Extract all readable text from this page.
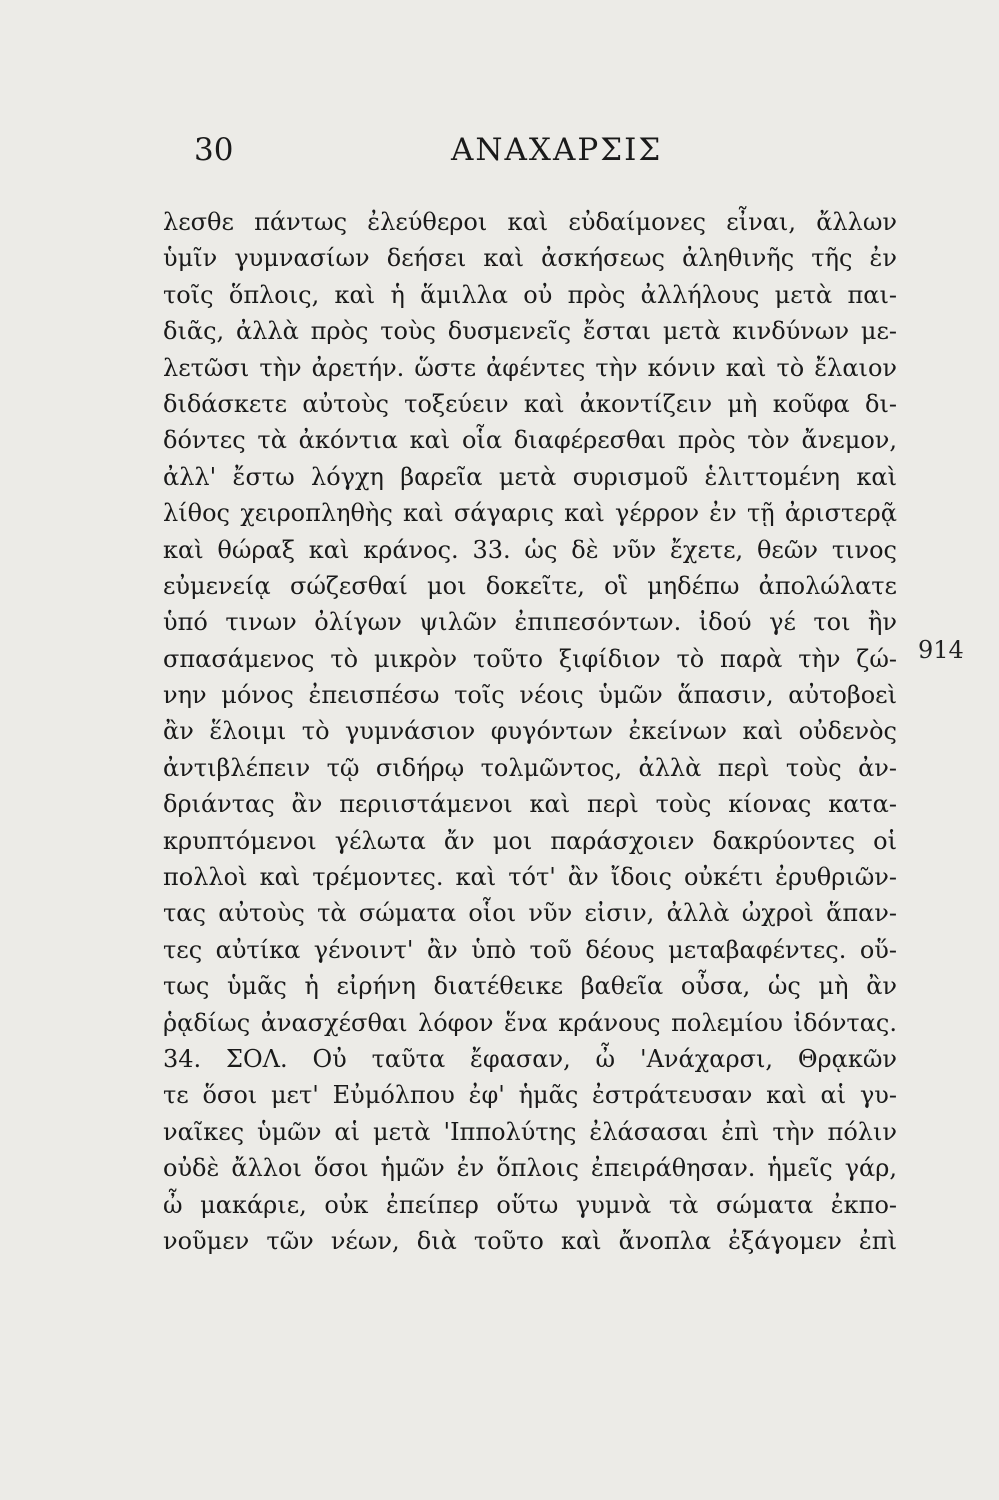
30	ΑΝΑΧΑΡΣΙΣ
λεσθε πάντως ἐλεύθεροι καὶ εὐδαίμονες εἶναι, ἄλλων
ὑμῖν γυμνασίων δεήσει καὶ ἀσκήσεως ἀληθινῆς τῆς ἐν
τοῖς ὅπλοις, καὶ ἡ ἅμιλλα οὐ πρὸς ἀλλήλους μετὰ παι-
διᾶς, ἀλλὰ πρὸς τοὺς δυσμενεῖς ἔσται μετὰ κινδύνων με-
λετῶσι τὴν ἀρετήν. ὥστε ἀφέντες τὴν κόνιν καὶ τὸ ἔλαιον
διδάσκετε αὐτοὺς τοξεύειν καὶ ἀκοντίζειν μὴ κοῦφα δι-
δόντες τὰ ἀκόντια καὶ οἷα διαφέρεσθαι πρὸς τὸν ἄνεμον,
ἀλλ' ἔστω λόγχη βαρεῖα μετὰ συρισμοῦ ἑλιττομένη καὶ
λίθος χειροπληθὴς καὶ σάγαρις καὶ γέρρον ἐν τῇ ἀριστερᾷ
καὶ θώραξ καὶ κράνος. 33. ὡς δὲ νῦν ἔχετε, θεῶν τινος
εὐμενείᾳ σώζεσθαί μοι δοκεῖτε, οἳ μηδέπω ἀπολώλατε
ὑπό τινων ὀλίγων ψιλῶν ἐπιπεσόντων. ἰδού γέ τοι ἢν
σπασάμενος τὸ μικρὸν τοῦτο ξιφίδιον τὸ παρὰ τὴν ζώ-
νην μόνος ἐπεισπέσω τοῖς νέοις ὑμῶν ἅπασιν, αὐτοβοεὶ
ἂν ἕλοιμι τὸ γυμνάσιον φυγόντων ἐκείνων καὶ οὐδενὸς
ἀντιβλέπειν τῷ σιδήρῳ τολμῶντος, ἀλλὰ περὶ τοὺς ἀν-
δριάντας ἂν περιιστάμενοι καὶ περὶ τοὺς κίονας κατα-
κρυπτόμενοι γέλωτα ἄν μοι παράσχοιεν δακρύοντες οἱ
πολλοὶ καὶ τρέμοντες. καὶ τότ' ἂν ἴδοις οὐκέτι ἐρυθριῶν-
τας αὐτοὺς τὰ σώματα οἷοι νῦν εἰσιν, ἀλλὰ ὠχροὶ ἅπαν-
τες αὐτίκα γένοιντ' ἂν ὑπὸ τοῦ δέους μεταβαφέντες. οὕ-
τως ὑμᾶς ἡ εἰρήνη διατέθεικε βαθεῖα οὖσα, ὡς μὴ ἂν
ῥᾳδίως ἀνασχέσθαι λόφον ἕνα κράνους πολεμίου ἰδόντας.
34. ΣΟΛ. Οὐ ταῦτα ἔφασαν, ὦ 'Ανάχαρσι, Θρᾳκῶν
τε ὅσοι μετ' Εὐμόλπου ἐφ' ἡμᾶς ἐστράτευσαν καὶ αἱ γυ-
ναῖκες ὑμῶν αἱ μετὰ 'Ιππολύτης ἐλάσασαι ἐπὶ τὴν πόλιν
οὐδὲ ἄλλοι ὅσοι ἡμῶν ἐν ὅπλοις ἐπειράθησαν. ἡμεῖς γάρ,
ὦ μακάριε, οὐκ ἐπείπερ οὕτω γυμνὰ τὰ σώματα ἐκπο-
νοῦμεν τῶν νέων, διὰ τοῦτο καὶ ἄνοπλα ἐξάγομεν ἐπὶ
914
